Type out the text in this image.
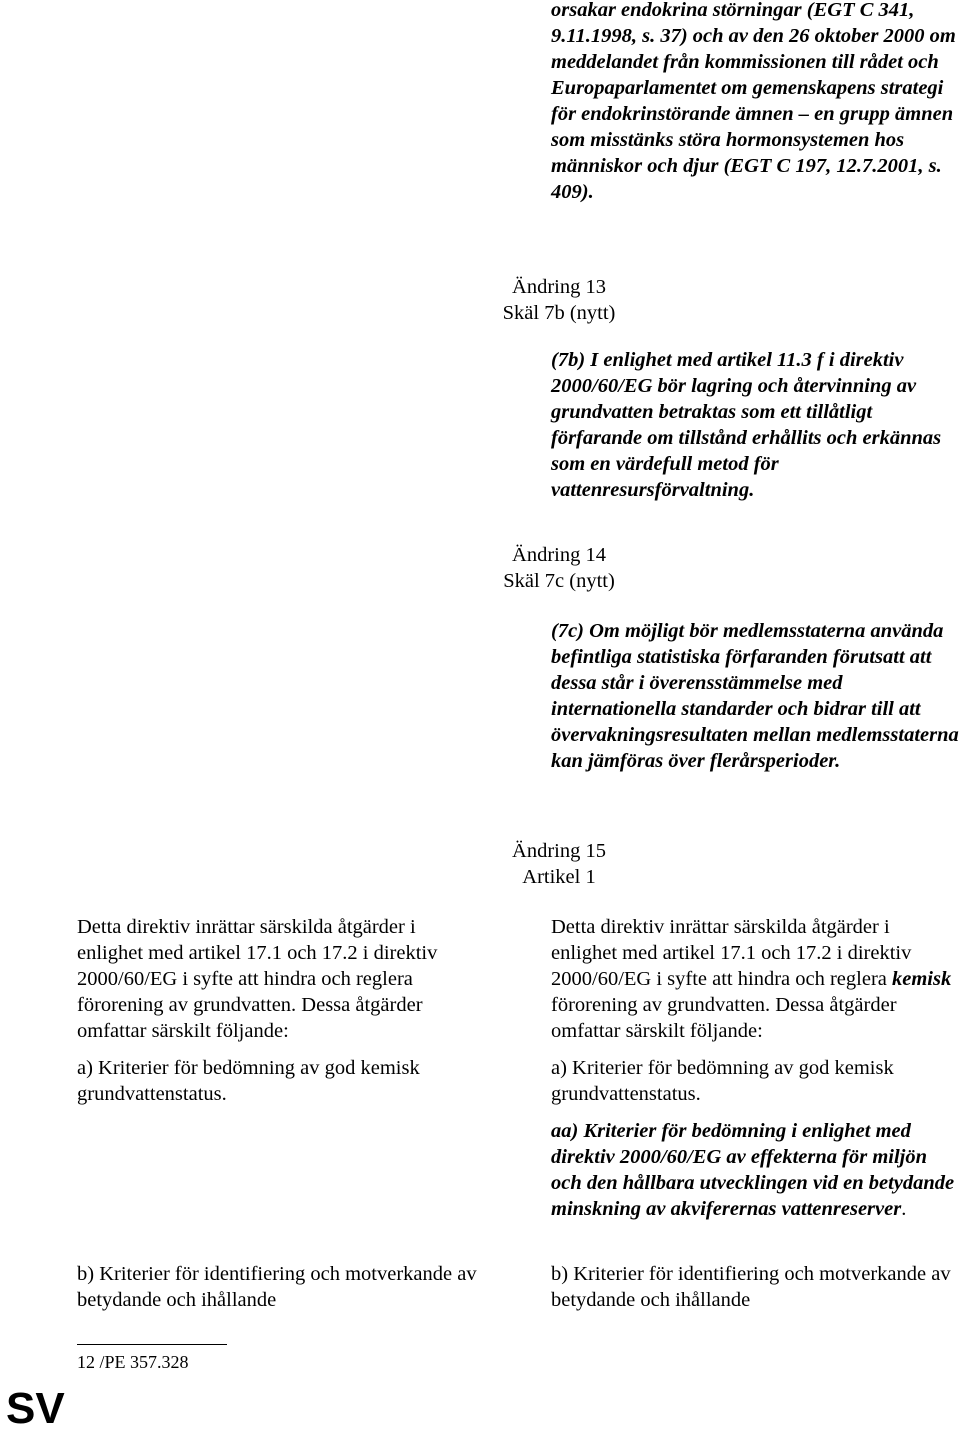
orsakar endokrina störningar (EGT C 341, 9.11.1998, s. 37) och av den 26 oktober 2000 om meddelandet från kommissionen till rådet och Europaparlamentet om gemenskapens strategi för endokrinstörande ämnen – en grupp ämnen som misstänks störa hormonsystemen hos människor och djur (EGT C 197, 12.7.2001, s. 409).

Ändring 13
Skäl 7b (nytt)

(7b) I enlighet med artikel 11.3 f i direktiv 2000/60/EG bör lagring och återvinning av grundvatten betraktas som ett tillåtligt förfarande om tillstånd erhållits och erkännas som en värdefull metod för vattenresursförvaltning.

Ändring 14
Skäl 7c (nytt)

(7c) Om möjligt bör medlemsstaterna använda befintliga statistiska förfaranden förutsatt att dessa står i överensstämmelse med internationella standarder och bidrar till att övervakningsresultaten mellan medlemsstaterna kan jämföras över flerårsperioder.

Ändring 15
Artikel 1

Detta direktiv inrättar särskilda åtgärder i enlighet med artikel 17.1 och 17.2 i direktiv 2000/60/EG i syfte att hindra och reglera förorening av grundvatten. Dessa åtgärder omfattar särskilt följande:

a) Kriterier för bedömning av god kemisk grundvattenstatus.

b) Kriterier för identifiering och motverkande av betydande och ihållande

Detta direktiv inrättar särskilda åtgärder i enlighet med artikel 17.1 och 17.2 i direktiv 2000/60/EG i syfte att hindra och reglera kemisk förorening av grundvatten. Dessa åtgärder omfattar särskilt följande:

a) Kriterier för bedömning av god kemisk grundvattenstatus.

aa) Kriterier för bedömning i enlighet med direktiv 2000/60/EG av effekterna för miljön och den hållbara utvecklingen vid en betydande minskning av akviferernas vattenreserver.

b) Kriterier för identifiering och motverkande av betydande och ihållande

12 /PE 357.328
SV
